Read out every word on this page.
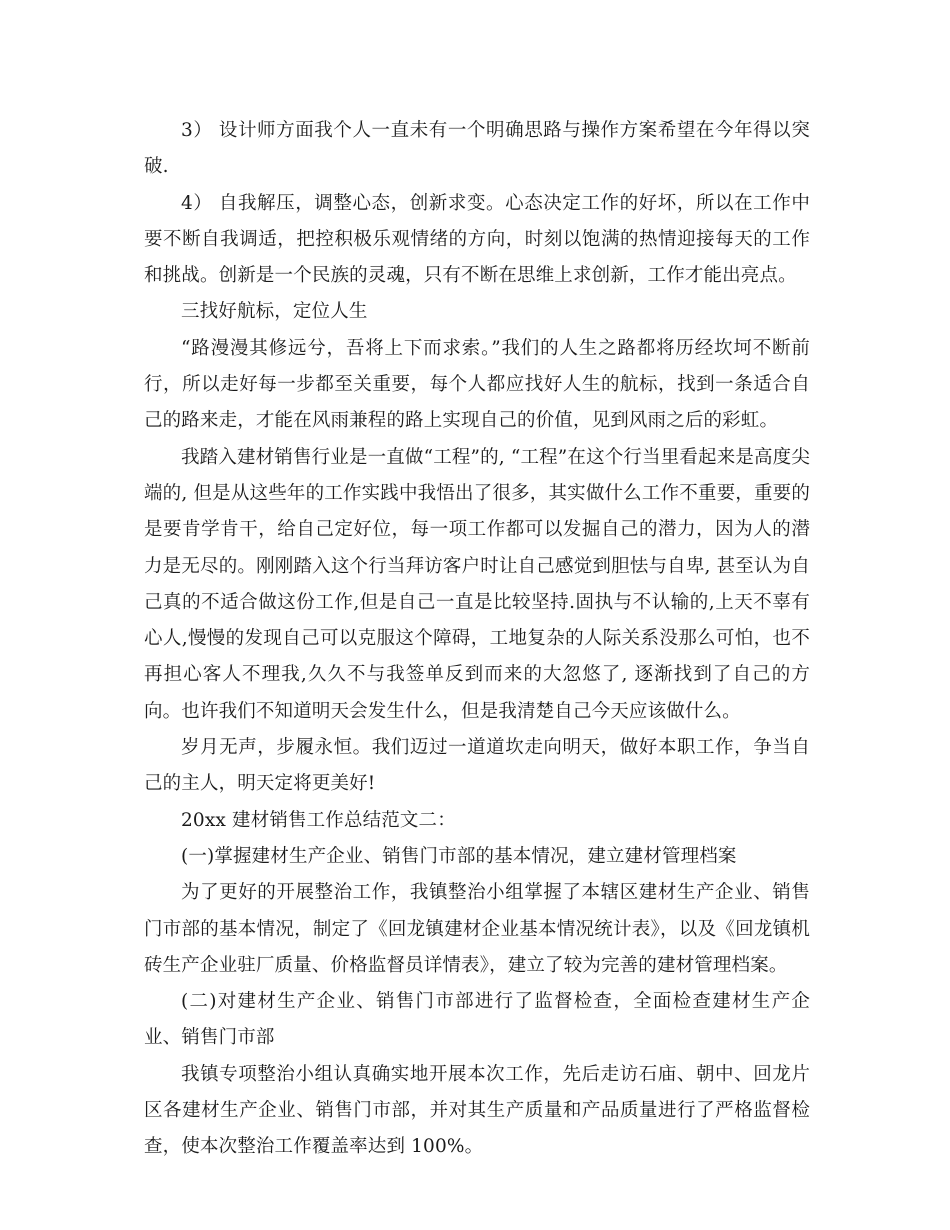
3） 设计师方面我个人一直未有一个明确思路与操作方案希望在今年得以突破.

4） 自我解压，调整心态，创新求变。心态决定工作的好坏，所以在工作中要不断自我调适，把控积极乐观情绪的方向，时刻以饱满的热情迎接每天的工作和挑战。创新是一个民族的灵魂，只有不断在思维上求创新，工作才能出亮点。

三找好航标，定位人生

“路漫漫其修远兮，吾将上下而求索。”我们的人生之路都将历经坎坷不断前行，所以走好每一步都至关重要，每个人都应找好人生的航标，找到一条适合自己的路来走，才能在风雨兼程的路上实现自己的价值，见到风雨之后的彩虹。

我踏入建材销售行业是一直做“工程”的, “工程”在这个行当里看起来是高度尖端的, 但是从这些年的工作实践中我悟出了很多，其实做什么工作不重要，重要的是要肯学肯干，给自己定好位，每一项工作都可以发掘自己的潜力，因为人的潜力是无尽的。刚刚踏入这个行当拜访客户时让自己感觉到胆怯与自卑, 甚至认为自己真的不适合做这份工作,但是自己一直是比较坚持.固执与不认输的,上天不辜有心人,慢慢的发现自己可以克服这个障碍，工地复杂的人际关系没那么可怕，也不再担心客人不理我,久久不与我签单反到而来的大忽悠了, 逐渐找到了自己的方向。也许我们不知道明天会发生什么，但是我清楚自己今天应该做什么。

岁月无声，步履永恒。我们迈过一道道坎走向明天，做好本职工作，争当自己的主人，明天定将更美好!

20xx 建材销售工作总结范文二：

(一)掌握建材生产企业、销售门市部的基本情况，建立建材管理档案

为了更好的开展整治工作，我镇整治小组掌握了本辖区建材生产企业、销售门市部的基本情况，制定了《回龙镇建材企业基本情况统计表》，以及《回龙镇机砖生产企业驻厂质量、价格监督员详情表》，建立了较为完善的建材管理档案。

(二)对建材生产企业、销售门市部进行了监督检查，全面检查建材生产企业、销售门市部

我镇专项整治小组认真确实地开展本次工作，先后走访石庙、朝中、回龙片区各建材生产企业、销售门市部，并对其生产质量和产品质量进行了严格监督检查，使本次整治工作覆盖率达到 100%。
